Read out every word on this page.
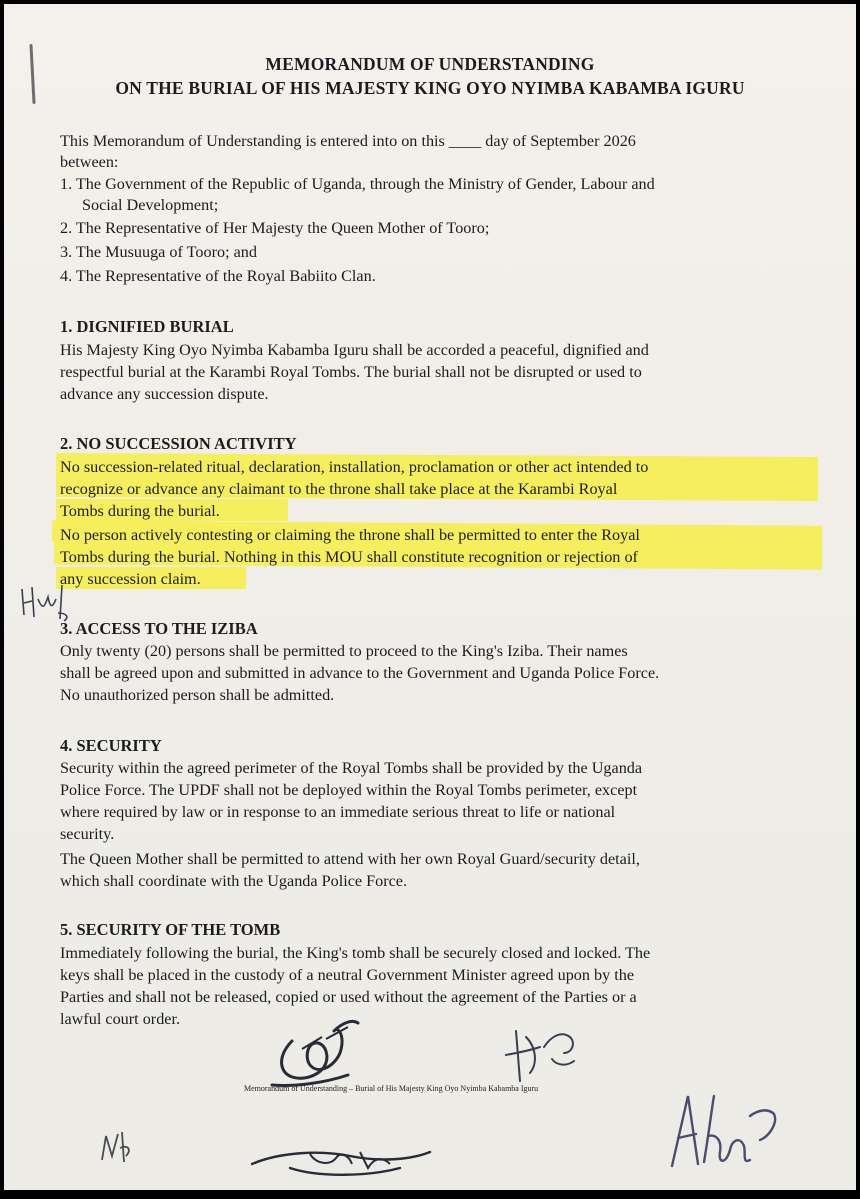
MEMORANDUM OF UNDERSTANDING
ON THE BURIAL OF HIS MAJESTY KING OYO NYIMBA KABAMBA IGURU
This Memorandum of Understanding is entered into on this ____ day of September 2026
between:
1. The Government of the Republic of Uganda, through the Ministry of Gender, Labour and
Social Development;
2. The Representative of Her Majesty the Queen Mother of Tooro;
3. The Musuuga of Tooro; and
4. The Representative of the Royal Babiito Clan.
1. DIGNIFIED BURIAL
His Majesty King Oyo Nyimba Kabamba Iguru shall be accorded a peaceful, dignified and
respectful burial at the Karambi Royal Tombs. The burial shall not be disrupted or used to
advance any succession dispute.
2. NO SUCCESSION ACTIVITY
No succession-related ritual, declaration, installation, proclamation or other act intended to
recognize or advance any claimant to the throne shall take place at the Karambi Royal
Tombs during the burial.
No person actively contesting or claiming the throne shall be permitted to enter the Royal
Tombs during the burial. Nothing in this MOU shall constitute recognition or rejection of
any succession claim.
3. ACCESS TO THE IZIBA
Only twenty (20) persons shall be permitted to proceed to the King's Iziba. Their names
shall be agreed upon and submitted in advance to the Government and Uganda Police Force.
No unauthorized person shall be admitted.
4. SECURITY
Security within the agreed perimeter of the Royal Tombs shall be provided by the Uganda
Police Force. The UPDF shall not be deployed within the Royal Tombs perimeter, except
where required by law or in response to an immediate serious threat to life or national
security.
The Queen Mother shall be permitted to attend with her own Royal Guard/security detail,
which shall coordinate with the Uganda Police Force.
5. SECURITY OF THE TOMB
Immediately following the burial, the King's tomb shall be securely closed and locked. The
keys shall be placed in the custody of a neutral Government Minister agreed upon by the
Parties and shall not be released, copied or used without the agreement of the Parties or a
lawful court order.
Memorandum of Understanding – Burial of His Majesty King Oyo Nyimba Kabamba Iguru
